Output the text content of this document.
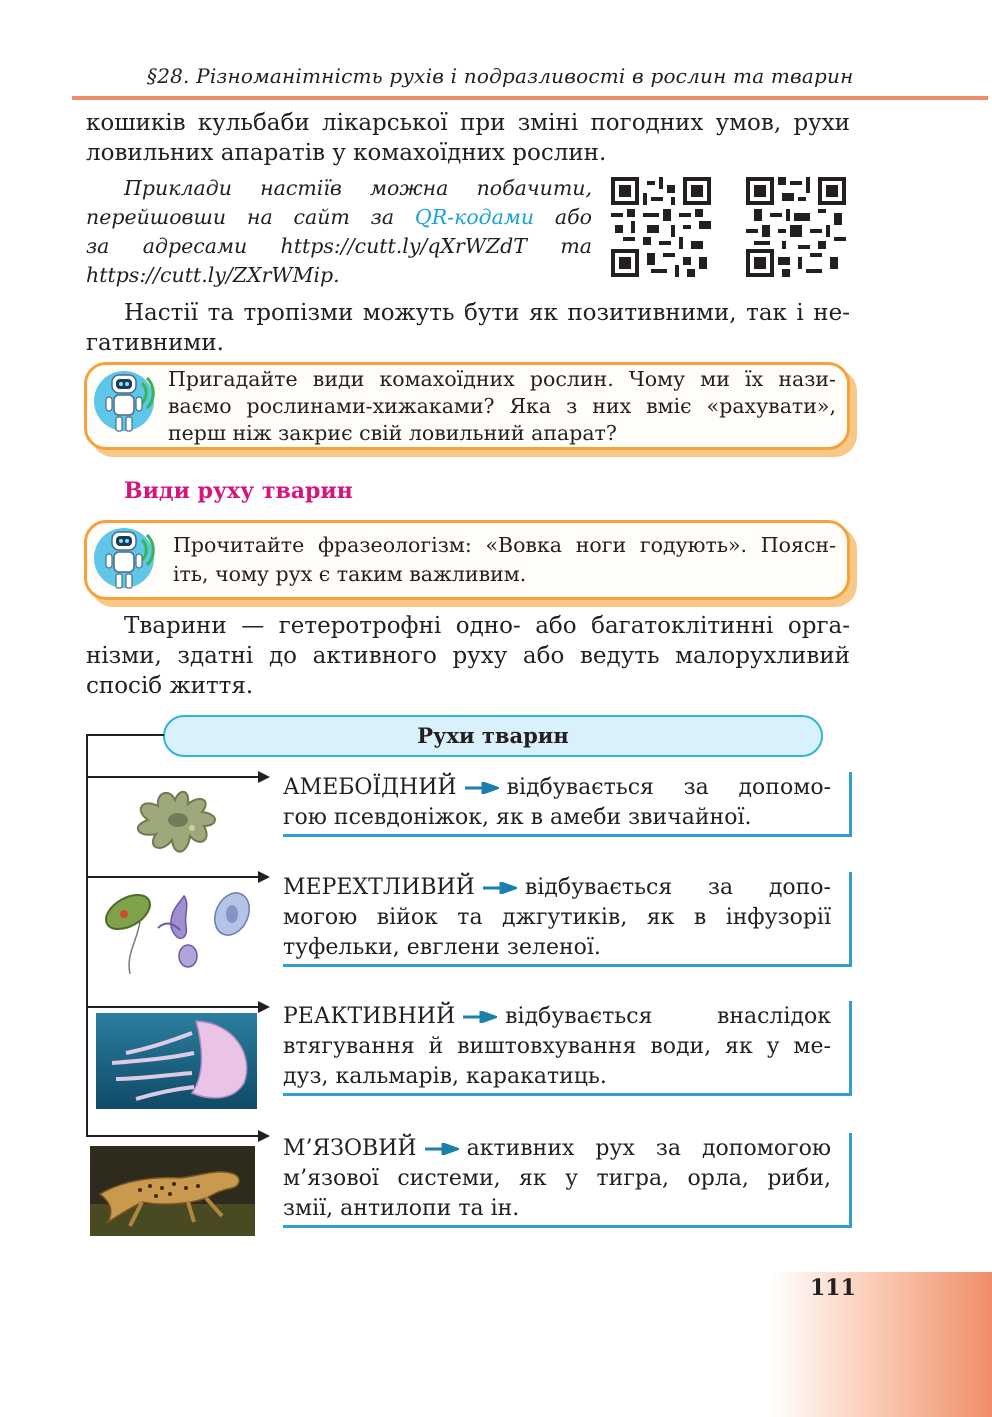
§28. Різноманітність рухів і подразливості в рослин та тварин
кошиків кульбаби лікарської при зміні погодних умов, рухи
ловильних апаратів у комахоїдних рослин.
Приклади настіїв можна побачити,
перейшовши на сайт за QR-кодами або
за адресами https://cutt.ly/qXrWZdT та
https://cutt.ly/ZXrWMip.
Настії та тропізми можуть бути як позитивними, так і не-
гативними.
Пригадайте види комахоїдних рослин. Чому ми їх нази-
ваємо рослинами-хижаками? Яка з них вміє «рахувати»,
перш ніж закриє свій ловильний апарат?
Види руху тварин
Прочитайте фразеологізм: «Вовка ноги годують». Поясн-
іть, чому рух є таким важливим.
Тварини — гетеротрофні одно- або багатоклітинні орга-
нізми, здатні до активного руху або ведуть малорухливий
спосіб життя.
Рухи тварин
АМЕБОЇДНИЙ відбувається за допомо-
гою псевдоніжок, як в амеби звичайної.
МЕРЕХТЛИВИЙ відбувається за допо-
могою війок та джгутиків, як в інфузорії
туфельки, евглени зеленої.
РЕАКТИВНИЙ відбувається внаслідок
втягування й виштовхування води, як у ме-
дуз, кальмарів, каракатиць.
М’ЯЗОВИЙ активних рух за допомогою
м’язової системи, як у тигра, орла, риби,
змії, антилопи та ін.
111
